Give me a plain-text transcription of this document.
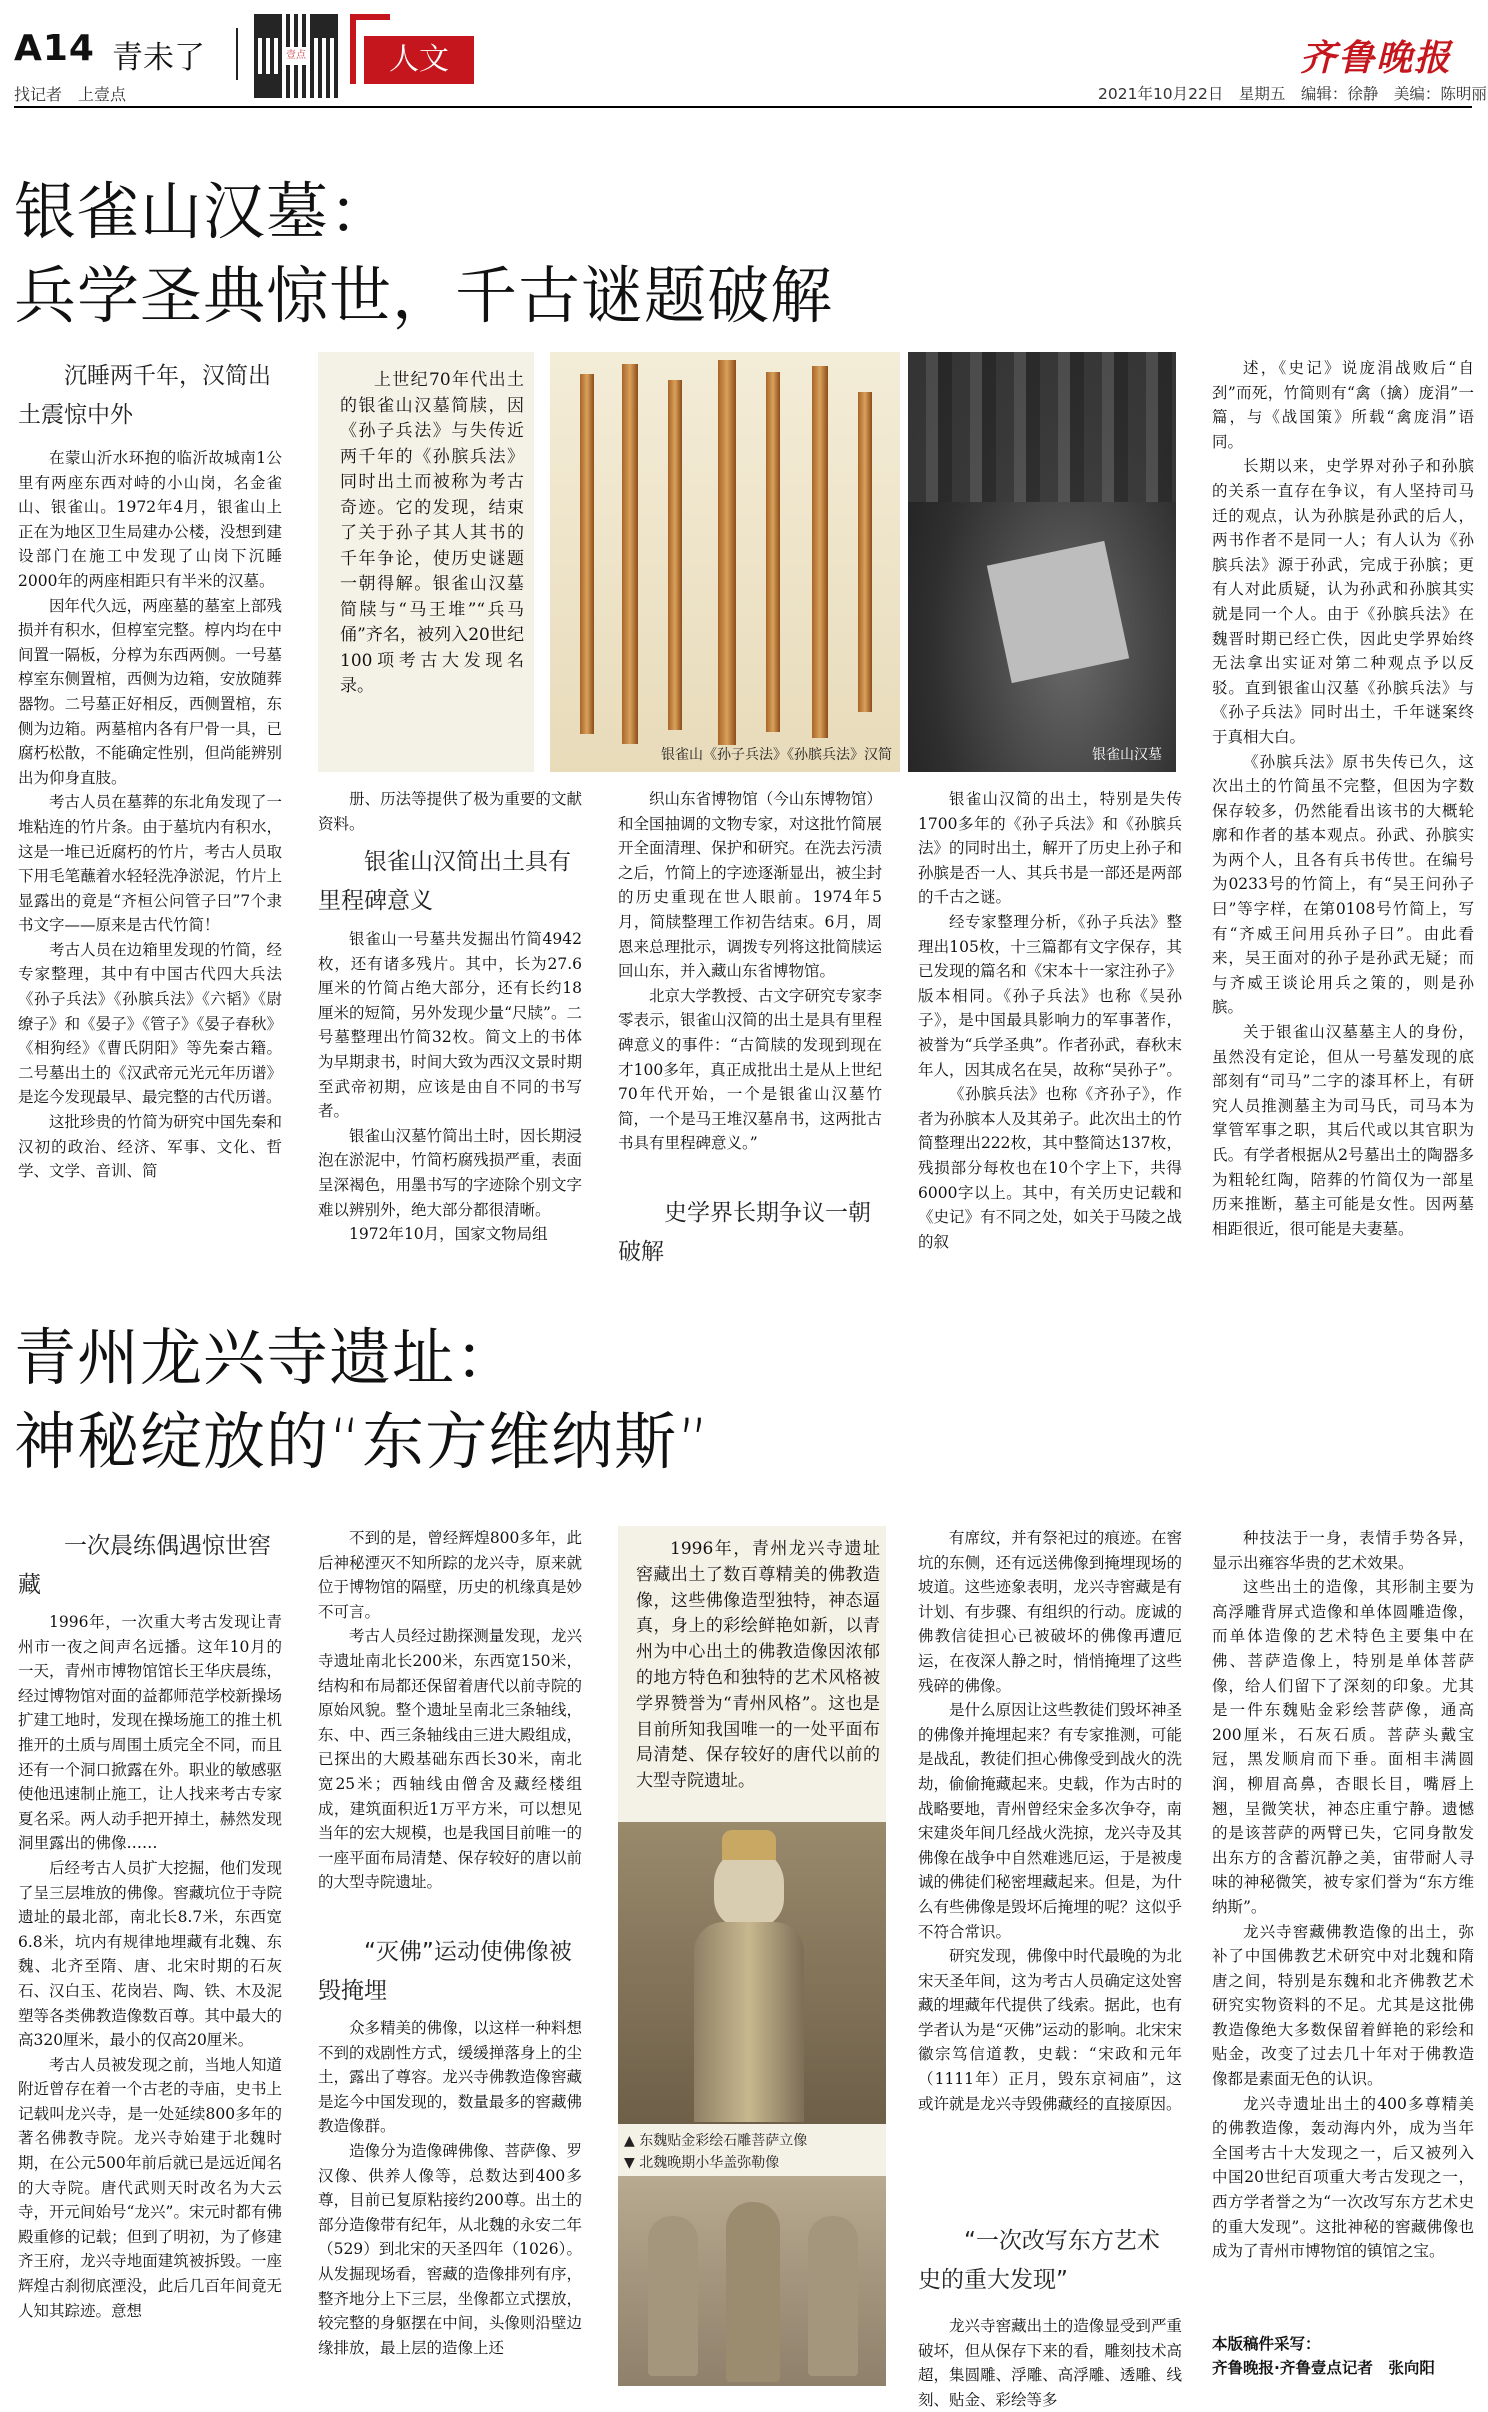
A14 青未了
找记者　上壹点
壹点	人文	齐鲁晚报
2021年10月22日　星期五　编辑：徐静　美编：陈明丽
银雀山汉墓：
兵学圣典惊世，千古谜题破解
沉睡两千年，汉简出土震惊中外

在蒙山沂水环抱的临沂故城南1公里有两座东西对峙的小山岗，名金雀山、银雀山。1972年4月，银雀山上正在为地区卫生局建办公楼，没想到建设部门在施工中发现了山岗下沉睡2000年的两座相距只有半米的汉墓。

因年代久远，两座墓的墓室上部残损并有积水，但椁室完整。椁内均在中间置一隔板，分椁为东西两侧。一号墓椁室东侧置棺，西侧为边箱，安放随葬器物。二号墓正好相反，西侧置棺，东侧为边箱。两墓棺内各有尸骨一具，已腐朽松散，不能确定性别，但尚能辨别出为仰身直肢。

考古人员在墓葬的东北角发现了一堆粘连的竹片条。由于墓坑内有积水，这是一堆已近腐朽的竹片，考古人员取下用毛笔蘸着水轻轻洗净淤泥，竹片上显露出的竟是“齐桓公问管子曰”7个隶书文字——原来是古代竹简！

考古人员在边箱里发现的竹简，经专家整理，其中有中国古代四大兵法《孙子兵法》《孙膑兵法》《六韬》《尉缭子》和《晏子》《管子》《晏子春秋》《相狗经》《曹氏阴阳》等先秦古籍。二号墓出土的《汉武帝元光元年历谱》是迄今发现最早、最完整的古代历谱。

这批珍贵的竹简为研究中国先秦和汉初的政治、经济、军事、文化、哲学、文学、音训、简

上世纪70年代出土的银雀山汉墓简牍，因《孙子兵法》与失传近两千年的《孙膑兵法》同时出土而被称为考古奇迹。它的发现，结束了关于孙子其人其书的千年争论，使历史谜题一朝得解。银雀山汉墓简牍与“马王堆”“兵马俑”齐名，被列入20世纪100项考古大发现名录。

银雀山《孙子兵法》《孙膑兵法》汉简	银雀山汉墓

册、历法等提供了极为重要的文献资料。

银雀山汉简出土具有里程碑意义

银雀山一号墓共发掘出竹简4942枚，还有诸多残片。其中，长为27.6厘米的竹简占绝大部分，还有长约18厘米的短简，另外发现少量“尺牍”。二号墓整理出竹简32枚。简文上的书体为早期隶书，时间大致为西汉文景时期至武帝初期，应该是由自不同的书写者。

银雀山汉墓竹简出土时，因长期浸泡在淤泥中，竹简朽腐残损严重，表面呈深褐色，用墨书写的字迹除个别文字难以辨别外，绝大部分都很清晰。

1972年10月，国家文物局组

织山东省博物馆（今山东博物馆）和全国抽调的文物专家，对这批竹简展开全面清理、保护和研究。在洗去污渍之后，竹简上的字迹逐渐显出，被尘封的历史重现在世人眼前。1974年5月，简牍整理工作初告结束。6月，周恩来总理批示，调拨专列将这批简牍运回山东，并入藏山东省博物馆。

北京大学教授、古文字研究专家李零表示，银雀山汉简的出土是具有里程碑意义的事件：“古简牍的发现到现在才100多年，真正成批出土是从上世纪70年代开始，一个是银雀山汉墓竹简，一个是马王堆汉墓帛书，这两批古书具有里程碑意义。”

史学界长期争议一朝破解

银雀山汉简的出土，特别是失传1700多年的《孙子兵法》和《孙膑兵法》的同时出土，解开了历史上孙子和孙膑是否一人、其兵书是一部还是两部的千古之谜。

经专家整理分析，《孙子兵法》整理出105枚，十三篇都有文字保存，其已发现的篇名和《宋本十一家注孙子》版本相同。《孙子兵法》也称《吴孙子》，是中国最具影响力的军事著作，被誉为“兵学圣典”。作者孙武，春秋末年人，因其成名在吴，故称“吴孙子”。

《孙膑兵法》也称《齐孙子》，作者为孙膑本人及其弟子。此次出土的竹简整理出222枚，其中整简达137枚，残损部分每枚也在10个字上下，共得6000字以上。其中，有关历史记载和《史记》有不同之处，如关于马陵之战的叙

述，《史记》说庞涓战败后“自刭”而死，竹简则有“禽（擒）庞涓”一篇，与《战国策》所载“禽庞涓”语同。

长期以来，史学界对孙子和孙膑的关系一直存在争议，有人坚持司马迁的观点，认为孙膑是孙武的后人，两书作者不是同一人；有人认为《孙膑兵法》源于孙武，完成于孙膑；更有人对此质疑，认为孙武和孙膑其实就是同一个人。由于《孙膑兵法》在魏晋时期已经亡佚，因此史学界始终无法拿出实证对第二种观点予以反驳。直到银雀山汉墓《孙膑兵法》与《孙子兵法》同时出土，千年谜案终于真相大白。

《孙膑兵法》原书失传已久，这次出土的竹简虽不完整，但因为字数保存较多，仍然能看出该书的大概轮廓和作者的基本观点。孙武、孙膑实为两个人，且各有兵书传世。在编号为0233号的竹简上，有“吴王问孙子曰”等字样，在第0108号竹简上，写有“齐威王问用兵孙子曰”。由此看来，吴王面对的孙子是孙武无疑；而与齐威王谈论用兵之策的，则是孙膑。

关于银雀山汉墓墓主人的身份，虽然没有定论，但从一号墓发现的底部刻有“司马”二字的漆耳杯上，有研究人员推测墓主为司马氏，司马本为掌管军事之职，其后代或以其官职为氏。有学者根据从2号墓出土的陶器多为粗轮红陶，陪葬的竹简仅为一部星历来推断，墓主可能是女性。因两墓相距很近，很可能是夫妻墓。

青州龙兴寺遗址：
神秘绽放的“东方维纳斯”
一次晨练偶遇惊世窖藏

1996年，一次重大考古发现让青州市一夜之间声名远播。这年10月的一天，青州市博物馆馆长王华庆晨练，经过博物馆对面的益都师范学校新操场扩建工地时，发现在操场施工的推土机推开的土质与周围土质完全不同，而且还有一个洞口掀露在外。职业的敏感驱使他迅速制止施工，让人找来考古专家夏名采。两人动手把开掉土，赫然发现洞里露出的佛像……

后经考古人员扩大挖掘，他们发现了呈三层堆放的佛像。窖藏坑位于寺院遗址的最北部，南北长8.7米，东西宽6.8米，坑内有规律地埋藏有北魏、东魏、北齐至隋、唐、北宋时期的石灰石、汉白玉、花岗岩、陶、铁、木及泥塑等各类佛教造像数百尊。其中最大的高320厘米，最小的仅高20厘米。

考古人员被发现之前，当地人知道附近曾存在着一个古老的寺庙，史书上记载叫龙兴寺，是一处延续800多年的著名佛教寺院。龙兴寺始建于北魏时期，在公元500年前后就已是远近闻名的大寺院。唐代武则天时改名为大云寺，开元间始号“龙兴”。宋元时都有佛殿重修的记载；但到了明初，为了修建齐王府，龙兴寺地面建筑被拆毁。一座辉煌古刹彻底湮没，此后几百年间竟无人知其踪迹。意想

不到的是，曾经辉煌800多年，此后神秘湮灭不知所踪的龙兴寺，原来就位于博物馆的隔壁，历史的机缘真是妙不可言。

考古人员经过勘探测量发现，龙兴寺遗址南北长200米，东西宽150米，结构和布局都还保留着唐代以前寺院的原始风貌。整个遗址呈南北三条轴线，东、中、西三条轴线由三进大殿组成，已探出的大殿基础东西长30米，南北宽25米；西轴线由僧舍及藏经楼组成，建筑面积近1万平方米，可以想见当年的宏大规模，也是我国目前唯一的一座平面布局清楚、保存较好的唐以前的大型寺院遗址。

“灭佛”运动使佛像被毁掩埋

众多精美的佛像，以这样一种料想不到的戏剧性方式，缓缓掸落身上的尘土，露出了尊容。龙兴寺佛教造像窖藏是迄今中国发现的，数量最多的窖藏佛教造像群。

造像分为造像碑佛像、菩萨像、罗汉像、供养人像等，总数达到400多尊，目前已复原粘接约200尊。出土的部分造像带有纪年，从北魏的永安二年（529）到北宋的天圣四年（1026）。从发掘现场看，窖藏的造像排列有序，整齐地分上下三层，坐像都立式摆放，较完整的身躯摆在中间，头像则沿壁边缘排放，最上层的造像上还

1996年，青州龙兴寺遗址窖藏出土了数百尊精美的佛教造像，这些佛像造型独特，神态逼真，身上的彩绘鲜艳如新，以青州为中心出土的佛教造像因浓郁的地方特色和独特的艺术风格被学界赞誉为“青州风格”。这也是目前所知我国唯一的一处平面布局清楚、保存较好的唐代以前的大型寺院遗址。

▲ 东魏贴金彩绘石雕菩萨立像
▼ 北魏晚期小华盖弥勒像

有席纹，并有祭祀过的痕迹。在窖坑的东侧，还有远送佛像到掩埋现场的坡道。这些迹象表明，龙兴寺窖藏是有计划、有步骤、有组织的行动。庞诚的佛教信徒担心已被破坏的佛像再遭厄运，在夜深人静之时，悄悄掩埋了这些残碎的佛像。

是什么原因让这些教徒们毁坏神圣的佛像并掩埋起来？有专家推测，可能是战乱，教徒们担心佛像受到战火的洗劫，偷偷掩藏起来。史载，作为古时的战略要地，青州曾经宋金多次争夺，南宋建炎年间几经战火洗掠，龙兴寺及其佛像在战争中自然难逃厄运，于是被虔诚的佛徒们秘密埋藏起来。但是，为什么有些佛像是毁坏后掩埋的呢？这似乎不符合常识。

研究发现，佛像中时代最晚的为北宋天圣年间，这为考古人员确定这处窖藏的埋藏年代提供了线索。据此，也有学者认为是“灭佛”运动的影响。北宋宋徽宗笃信道教，史载：“宋政和元年（1111年）正月，毁东京祠庙”，这或许就是龙兴寺毁佛藏经的直接原因。

“一次改写东方艺术史的重大发现”

龙兴寺窖藏出土的造像显受到严重破坏，但从保存下来的看，雕刻技术高超，集圆雕、浮雕、高浮雕、透雕、线刻、贴金、彩绘等多

种技法于一身，表情手势各异，显示出雍容华贵的艺术效果。

这些出土的造像，其形制主要为高浮雕背屏式造像和单体圆雕造像，而单体造像的艺术特色主要集中在佛、菩萨造像上，特别是单体菩萨像，给人们留下了深刻的印象。尤其是一件东魏贴金彩绘菩萨像，通高200厘米，石灰石质。菩萨头戴宝冠，黑发顺肩而下垂。面相丰满圆润，柳眉高鼻，杏眼长目，嘴唇上翘，呈微笑状，神态庄重宁静。遗憾的是该菩萨的两臂已失，它同身散发出东方的含蓄沉静之美，宙带耐人寻味的神秘微笑，被专家们誉为“东方维纳斯”。

龙兴寺窖藏佛教造像的出土，弥补了中国佛教艺术研究中对北魏和隋唐之间，特别是东魏和北齐佛教艺术研究实物资料的不足。尤其是这批佛教造像绝大多数保留着鲜艳的彩绘和贴金，改变了过去几十年对于佛教造像都是素面无色的认识。

龙兴寺遗址出土的400多尊精美的佛教造像，轰动海内外，成为当年全国考古十大发现之一，后又被列入中国20世纪百项重大考古发现之一，西方学者誉之为“一次改写东方艺术史的重大发现”。这批神秘的窖藏佛像也成为了青州市博物馆的镇馆之宝。

本版稿件采写：
齐鲁晚报·齐鲁壹点记者　张向阳
